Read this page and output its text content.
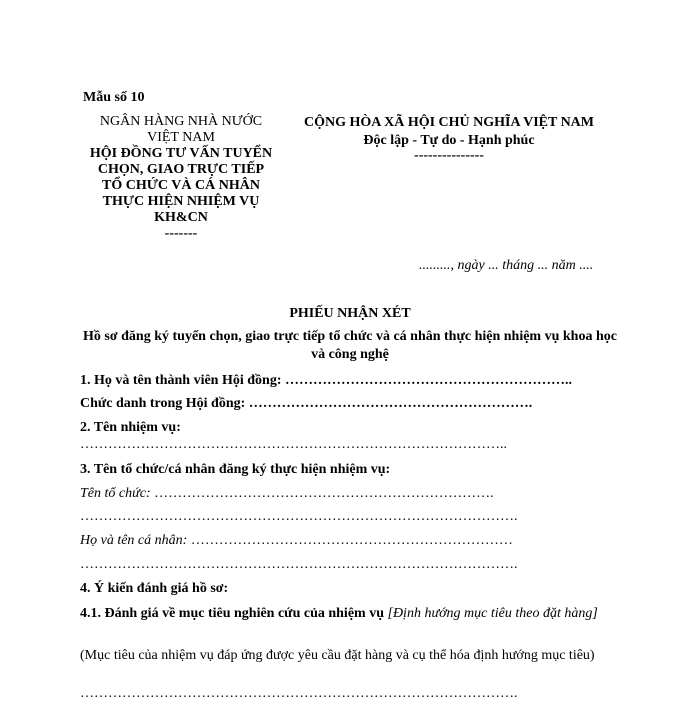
Mẫu số 10
NGÂN HÀNG NHÀ NƯỚC
VIỆT NAM
HỘI ĐỒNG TƯ VẤN TUYỂN
CHỌN, GIAO TRỰC TIẾP
TỔ CHỨC VÀ CÁ NHÂN
THỰC HIỆN NHIỆM VỤ
KH&CN
-------
CỘNG HÒA XÃ HỘI CHỦ NGHĨA VIỆT NAM
Độc lập - Tự do - Hạnh phúc
---------------
........., ngày ... tháng ... năm ....
PHIẾU NHẬN XÉT
Hồ sơ đăng ký tuyển chọn, giao trực tiếp tổ chức và cá nhân thực hiện nhiệm vụ khoa học và công nghệ
1. Họ và tên thành viên Hội đồng: ……………………………………………………..
Chức danh trong Hội đồng: …………………………………………………….
2. Tên nhiệm vụ:
………………………………………………………………………………..
3. Tên tổ chức/cá nhân đăng ký thực hiện nhiệm vụ:
Tên tổ chức: ……………………………………………………………….
………………………………………………………………………………….
Họ và tên cá nhân: ……………………………………………………………
………………………………………………………………………………….
4. Ý kiến đánh giá hồ sơ:
4.1. Đánh giá về mục tiêu nghiên cứu của nhiệm vụ [Định hướng mục tiêu theo đặt hàng]
(Mục tiêu của nhiệm vụ đáp ứng được yêu cầu đặt hàng và cụ thể hóa định hướng mục tiêu)
………………………………………………………………………………….
